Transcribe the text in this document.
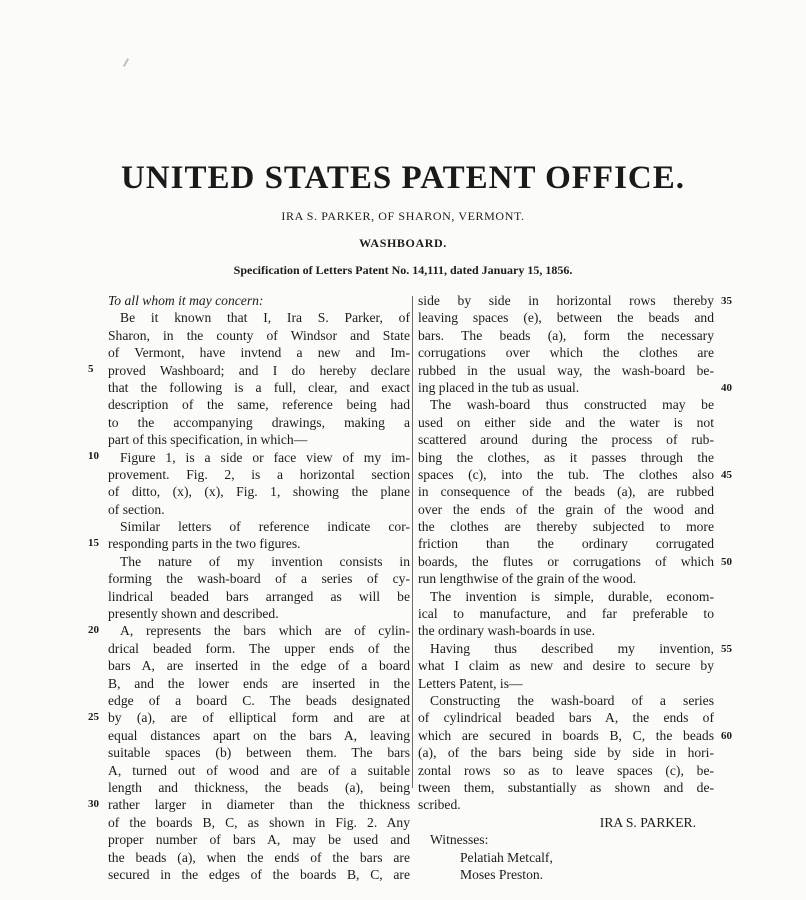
UNITED STATES PATENT OFFICE.
IRA S. PARKER, OF SHARON, VERMONT.
WASHBOARD.
Specification of Letters Patent No. 14,111, dated January 15, 1856.
To all whom it may concern:
Be it known that I, Ira S. Parker, of
Sharon, in the county of Windsor and State
of Vermont, have invtend a new and Im-
proved Washboard; and I do hereby declare
that the following is a full, clear, and exact
description of the same, reference being had
to the accompanying drawings, making a
part of this specification, in which—
Figure 1, is a side or face view of my im-
provement. Fig. 2, is a horizontal section
of ditto, (x), (x), Fig. 1, showing the plane
of section.
Similar letters of reference indicate cor-
responding parts in the two figures.
The nature of my invention consists in
forming the wash-board of a series of cy-
lindrical beaded bars arranged as will be
presently shown and described.
A, represents the bars which are of cylin-
drical beaded form. The upper ends of the
bars A, are inserted in the edge of a board
B, and the lower ends are inserted in the
edge of a board C. The beads designated
by (a), are of elliptical form and are at
equal distances apart on the bars A, leaving
suitable spaces (b) between them. The bars
A, turned out of wood and are of a suitable
length and thickness, the beads (a), being
rather larger in diameter than the thickness
of the boards B, C, as shown in Fig. 2. Any
proper number of bars A, may be used and
the beads (a), when the ends of the bars are
secured in the edges of the boards B, C, are
side by side in horizontal rows thereby
leaving spaces (e), between the beads and
bars. The beads (a), form the necessary
corrugations over which the clothes are
rubbed in the usual way, the wash-board be-
ing placed in the tub as usual.
The wash-board thus constructed may be
used on either side and the water is not
scattered around during the process of rub-
bing the clothes, as it passes through the
spaces (c), into the tub. The clothes also
in consequence of the beads (a), are rubbed
over the ends of the grain of the wood and
the clothes are thereby subjected to more
friction than the ordinary corrugated
boards, the flutes or corrugations of which
run lengthwise of the grain of the wood.
The invention is simple, durable, econom-
ical to manufacture, and far preferable to
the ordinary wash-boards in use.
Having thus described my invention,
what I claim as new and desire to secure by
Letters Patent, is—
Constructing the wash-board of a series
of cylindrical beaded bars A, the ends of
which are secured in boards B, C, the beads
(a), of the bars being side by side in hori-
zontal rows so as to leave spaces (c), be-
tween them, substantially as shown and de-
scribed.
IRA S. PARKER.
Witnesses:
Pelatiah Metcalf,
Moses Preston.
5
10
15
20
25
30
35
40
45
50
55
60
